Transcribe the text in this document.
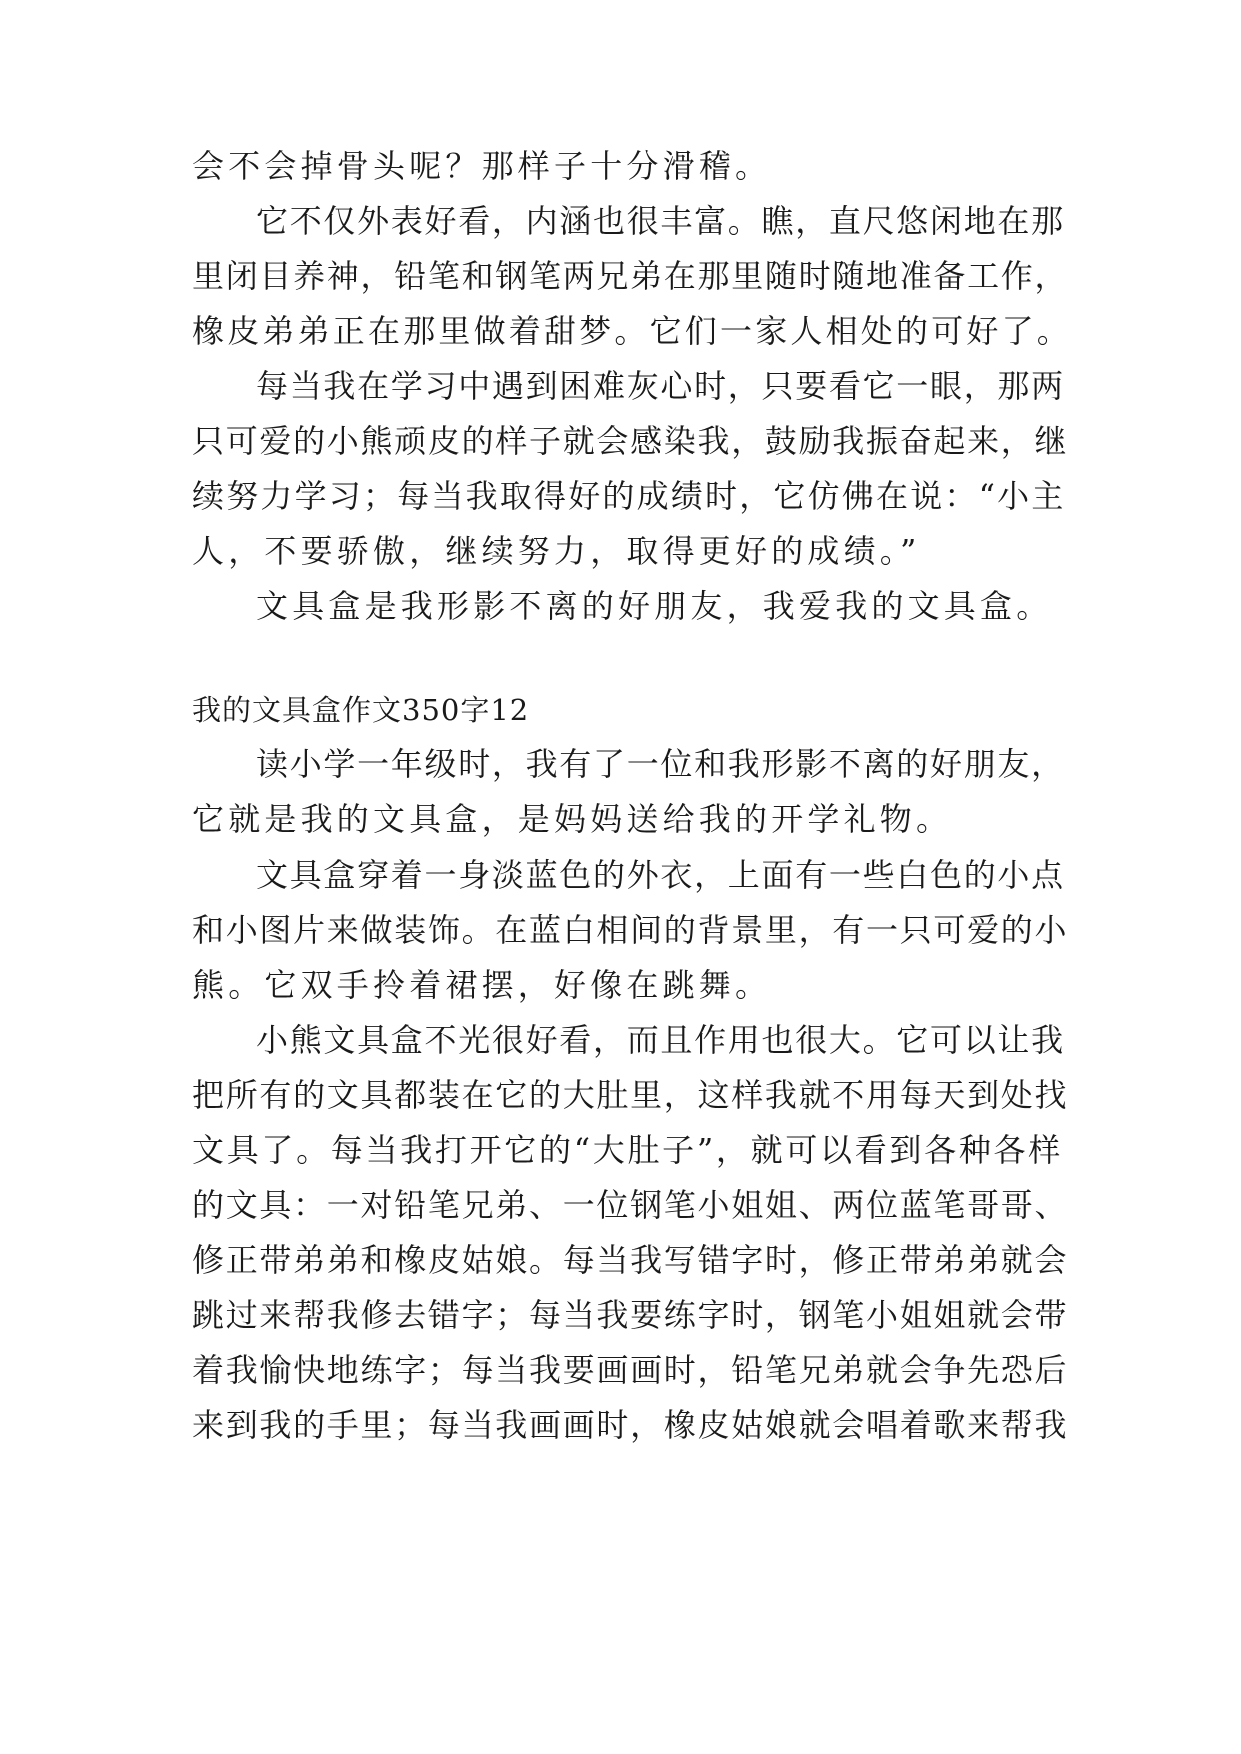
会不会掉骨头呢？那样子十分滑稽。
它不仅外表好看，内涵也很丰富。瞧，直尺悠闲地在那
里闭目养神，铅笔和钢笔两兄弟在那里随时随地准备工作，
橡皮弟弟正在那里做着甜梦。它们一家人相处的可好了。
每当我在学习中遇到困难灰心时，只要看它一眼，那两
只可爱的小熊顽皮的样子就会感染我，鼓励我振奋起来，继
续努力学习；每当我取得好的成绩时，它仿佛在说：“小主
人，不要骄傲，继续努力，取得更好的成绩。”
文具盒是我形影不离的好朋友，我爱我的文具盒。
我的文具盒作文350字12
读小学一年级时，我有了一位和我形影不离的好朋友，
它就是我的文具盒，是妈妈送给我的开学礼物。
文具盒穿着一身淡蓝色的外衣，上面有一些白色的小点
和小图片来做装饰。在蓝白相间的背景里，有一只可爱的小
熊。它双手拎着裙摆，好像在跳舞。
小熊文具盒不光很好看，而且作用也很大。它可以让我
把所有的文具都装在它的大肚里，这样我就不用每天到处找
文具了。每当我打开它的“大肚子”，就可以看到各种各样
的文具：一对铅笔兄弟、一位钢笔小姐姐、两位蓝笔哥哥、
修正带弟弟和橡皮姑娘。每当我写错字时，修正带弟弟就会
跳过来帮我修去错字；每当我要练字时，钢笔小姐姐就会带
着我愉快地练字；每当我要画画时，铅笔兄弟就会争先恐后
来到我的手里；每当我画画时，橡皮姑娘就会唱着歌来帮我
